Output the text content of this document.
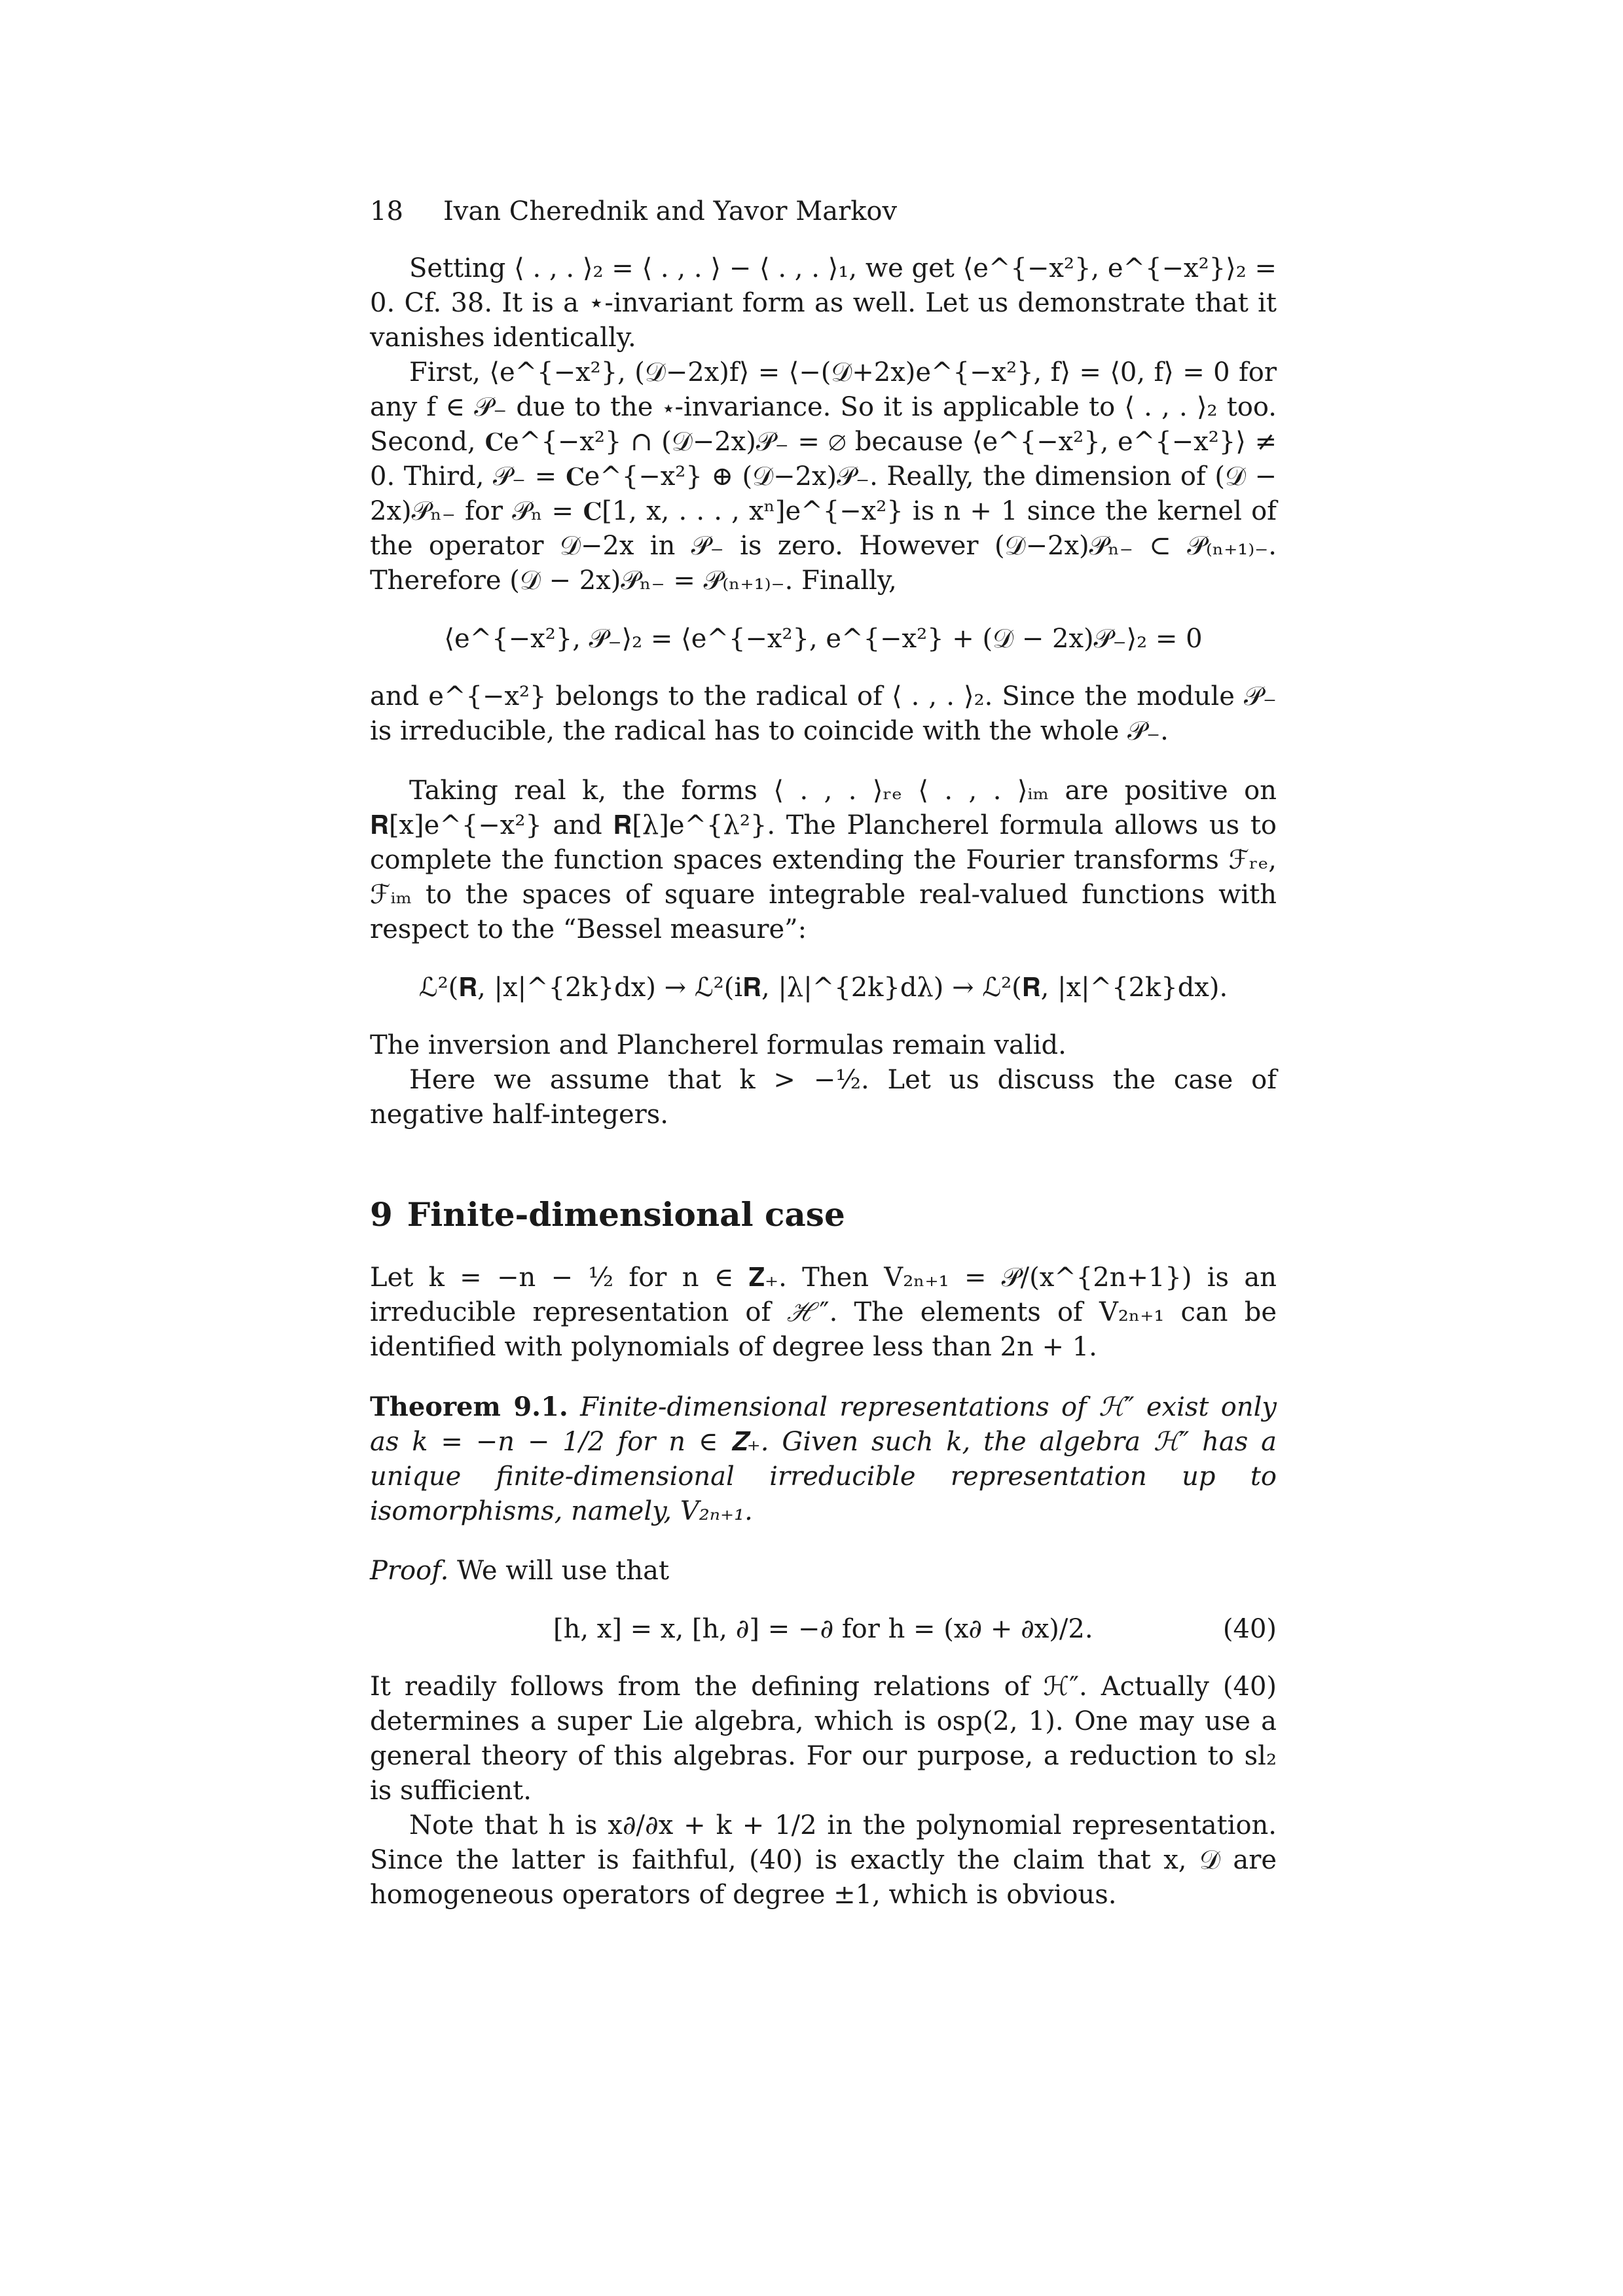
18 Ivan Cherednik and Yavor Markov

Setting ⟨ . , . ⟩₂ = ⟨ . , . ⟩ − ⟨ . , . ⟩₁, we get ⟨e^{−x²}, e^{−x²}⟩₂ = 0. Cf. 38. It is a ⋆-invariant form as well. Let us demonstrate that it vanishes identically.

First, ⟨e^{−x²}, (𝒟−2x)f⟩ = ⟨−(𝒟+2x)e^{−x²}, f⟩ = ⟨0, f⟩ = 0 for any f ∈ 𝒫₋ due to the ⋆-invariance. So it is applicable to ⟨ . , . ⟩₂ too. Second, 𝐂e^{−x²} ∩ (𝒟−2x)𝒫₋ = ∅ because ⟨e^{−x²}, e^{−x²}⟩ ≠ 0. Third, 𝒫₋ = 𝐂e^{−x²} ⊕ (𝒟−2x)𝒫₋. Really, the dimension of (𝒟 − 2x)𝒫ₙ₋ for 𝒫ₙ = 𝐂[1, x, . . . , xⁿ]e^{−x²} is n + 1 since the kernel of the operator 𝒟−2x in 𝒫₋ is zero. However (𝒟−2x)𝒫ₙ₋ ⊂ 𝒫₍ₙ₊₁₎₋. Therefore (𝒟 − 2x)𝒫ₙ₋ = 𝒫₍ₙ₊₁₎₋. Finally,

⟨e^{−x²}, 𝒫₋⟩₂ = ⟨e^{−x²}, e^{−x²} + (𝒟 − 2x)𝒫₋⟩₂ = 0

and e^{−x²} belongs to the radical of ⟨ . , . ⟩₂. Since the module 𝒫₋ is irreducible, the radical has to coincide with the whole 𝒫₋.

Taking real k, the forms ⟨ . , . ⟩ᵣₑ ⟨ . , . ⟩ᵢₘ are positive on 𝐑[x]e^{−x²} and 𝐑[λ]e^{λ²}. The Plancherel formula allows us to complete the function spaces extending the Fourier transforms ℱᵣₑ, ℱᵢₘ to the spaces of square integrable real-valued functions with respect to the “Bessel measure”:

ℒ²(𝐑, |x|^{2k}dx) → ℒ²(i𝐑, |λ|^{2k}dλ) → ℒ²(𝐑, |x|^{2k}dx).

The inversion and Plancherel formulas remain valid.

Here we assume that k > −½. Let us discuss the case of negative half-integers.

9 Finite-dimensional case

Let k = −n − ½ for n ∈ 𝐙₊. Then V₂ₙ₊₁ = 𝒫/(x^{2n+1}) is an irreducible representation of ℋ″. The elements of V₂ₙ₊₁ can be identified with polynomials of degree less than 2n + 1.

Theorem 9.1. Finite-dimensional representations of ℋ″ exist only as k = −n − 1/2 for n ∈ 𝐙₊. Given such k, the algebra ℋ″ has a unique finite-dimensional irreducible representation up to isomorphisms, namely, V₂ₙ₊₁.

Proof. We will use that

[h, x] = x, [h, ∂] = −∂ for h = (x∂ + ∂x)/2.	(40)

It readily follows from the defining relations of ℋ″. Actually (40) determines a super Lie algebra, which is osp(2, 1). One may use a general theory of this algebras. For our purpose, a reduction to sl₂ is sufficient.

Note that h is x∂/∂x + k + 1/2 in the polynomial representation. Since the latter is faithful, (40) is exactly the claim that x, 𝒟 are homogeneous operators of degree ±1, which is obvious.
